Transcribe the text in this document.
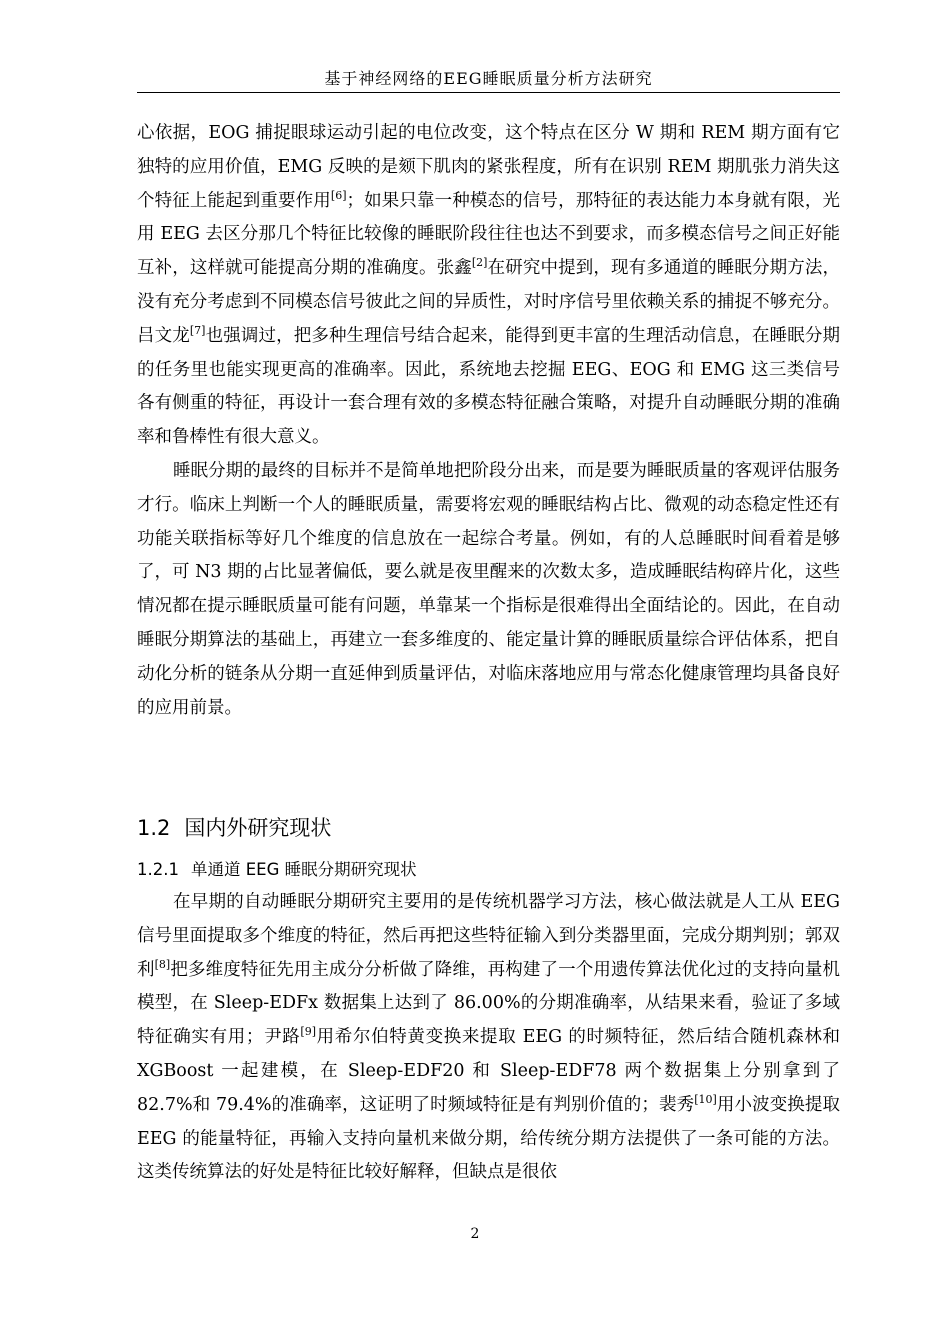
基于神经网络的EEG睡眠质量分析方法研究

心依据，EOG 捕捉眼球运动引起的电位改变，这个特点在区分 W 期和 REM 期方面有它独特的应用价值，EMG 反映的是颏下肌肉的紧张程度，所有在识别 REM 期肌张力消失这个特征上能起到重要作用[6]；如果只靠一种模态的信号，那特征的表达能力本身就有限，光用 EEG 去区分那几个特征比较像的睡眠阶段往往也达不到要求，而多模态信号之间正好能互补，这样就可能提高分期的准确度。张鑫[2]在研究中提到，现有多通道的睡眠分期方法，没有充分考虑到不同模态信号彼此之间的异质性，对时序信号里依赖关系的捕捉不够充分。吕文龙[7]也强调过，把多种生理信号结合起来，能得到更丰富的生理活动信息，在睡眠分期的任务里也能实现更高的准确率。因此，系统地去挖掘 EEG、EOG 和 EMG 这三类信号各有侧重的特征，再设计一套合理有效的多模态特征融合策略，对提升自动睡眠分期的准确率和鲁棒性有很大意义。

睡眠分期的最终的目标并不是简单地把阶段分出来，而是要为睡眠质量的客观评估服务才行。临床上判断一个人的睡眠质量，需要将宏观的睡眠结构占比、微观的动态稳定性还有功能关联指标等好几个维度的信息放在一起综合考量。例如，有的人总睡眠时间看着是够了，可 N3 期的占比显著偏低，要么就是夜里醒来的次数太多，造成睡眠结构碎片化，这些情况都在提示睡眠质量可能有问题，单靠某一个指标是很难得出全面结论的。因此，在自动睡眠分期算法的基础上，再建立一套多维度的、能定量计算的睡眠质量综合评估体系，把自动化分析的链条从分期一直延伸到质量评估，对临床落地应用与常态化健康管理均具备良好的应用前景。

1.2 国内外研究现状
1.2.1 单通道 EEG 睡眠分期研究现状

在早期的自动睡眠分期研究主要用的是传统机器学习方法，核心做法就是人工从 EEG 信号里面提取多个维度的特征，然后再把这些特征输入到分类器里面，完成分期判别；郭双利[8]把多维度特征先用主成分分析做了降维，再构建了一个用遗传算法优化过的支持向量机模型，在 Sleep-EDFx 数据集上达到了 86.00%的分期准确率，从结果来看，验证了多域特征确实有用；尹路[9]用希尔伯特黄变换来提取 EEG 的时频特征，然后结合随机森林和 XGBoost 一起建模，在 Sleep-EDF20 和 Sleep-EDF78 两个数据集上分别拿到了 82.7%和 79.4%的准确率，这证明了时频域特征是有判别价值的；裴秀[10]用小波变换提取 EEG 的能量特征，再输入支持向量机来做分期，给传统分期方法提供了一条可能的方法。这类传统算法的好处是特征比较好解释，但缺点是很依

2
